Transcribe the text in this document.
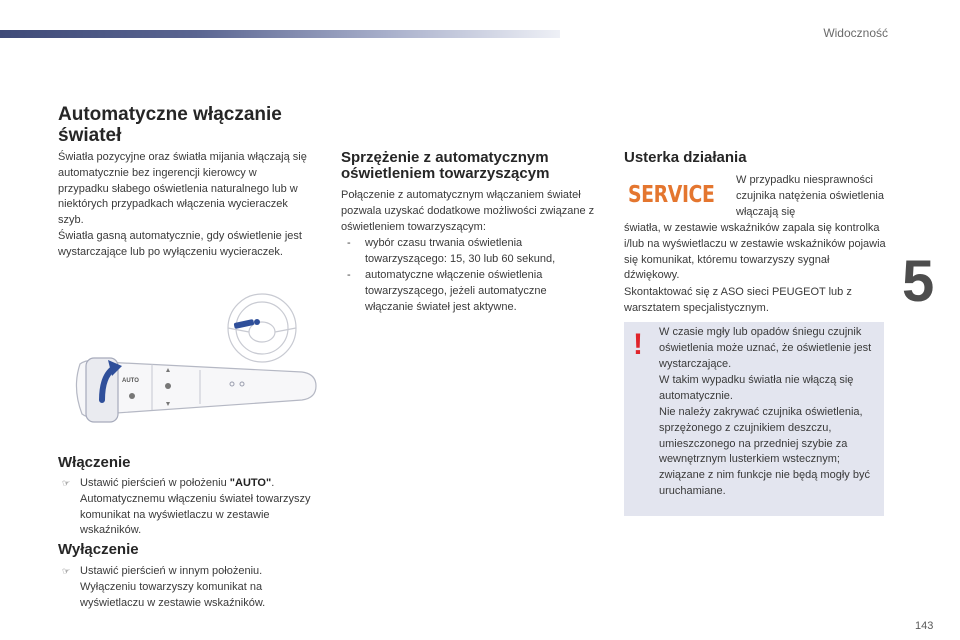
Widoczność
5
143
Automatyczne włączanie świateł

Światła pozycyjne oraz światła mijania włączają się automatycznie bez ingerencji kierowcy w przypadku słabego oświetlenia naturalnego lub w niektórych przypadkach włączenia wycieraczek szyb.

Światła gasną automatycznie, gdy oświetlenie jest wystarczające lub po wyłączeniu wycieraczek.

AUTO
Włączenie

☞ Ustawić pierścień w położeniu "AUTO". Automatycznemu włączeniu świateł towarzyszy komunikat na wyświetlaczu w zestawie wskaźników.

Wyłączenie

☞ Ustawić pierścień w innym położeniu. Wyłączeniu towarzyszy komunikat na wyświetlaczu w zestawie wskaźników.

Sprzężenie z automatycznym oświetleniem towarzyszącym

Połączenie z automatycznym włączaniem świateł pozwala uzyskać dodatkowe możliwości związane z oświetleniem towarzyszącym:

- wybór czasu trwania oświetlenia towarzyszącego: 15, 30 lub 60 sekund,

- automatyczne włączenie oświetlenia towarzyszącego, jeżeli automatyczne włączanie świateł jest aktywne.

Usterka działania
SERVICE

W przypadku niesprawności czujnika natężenia oświetlenia włączają się

światła, w zestawie wskaźników zapala się kontrolka i/lub na wyświetlaczu w zestawie wskaźników pojawia się komunikat, któremu towarzyszy sygnał dźwiękowy.

Skontaktować się z ASO sieci PEUGEOT lub z warsztatem specjalistycznym.

! W czasie mgły lub opadów śniegu czujnik oświetlenia może uznać, że oświetlenie jest wystarczające.

W takim wypadku światła nie włączą się automatycznie.

Nie należy zakrywać czujnika oświetlenia, sprzężonego z czujnikiem deszczu, umieszczonego na przedniej szybie za wewnętrznym lusterkiem wstecznym; związane z nim funkcje nie będą mogły być uruchamiane.
